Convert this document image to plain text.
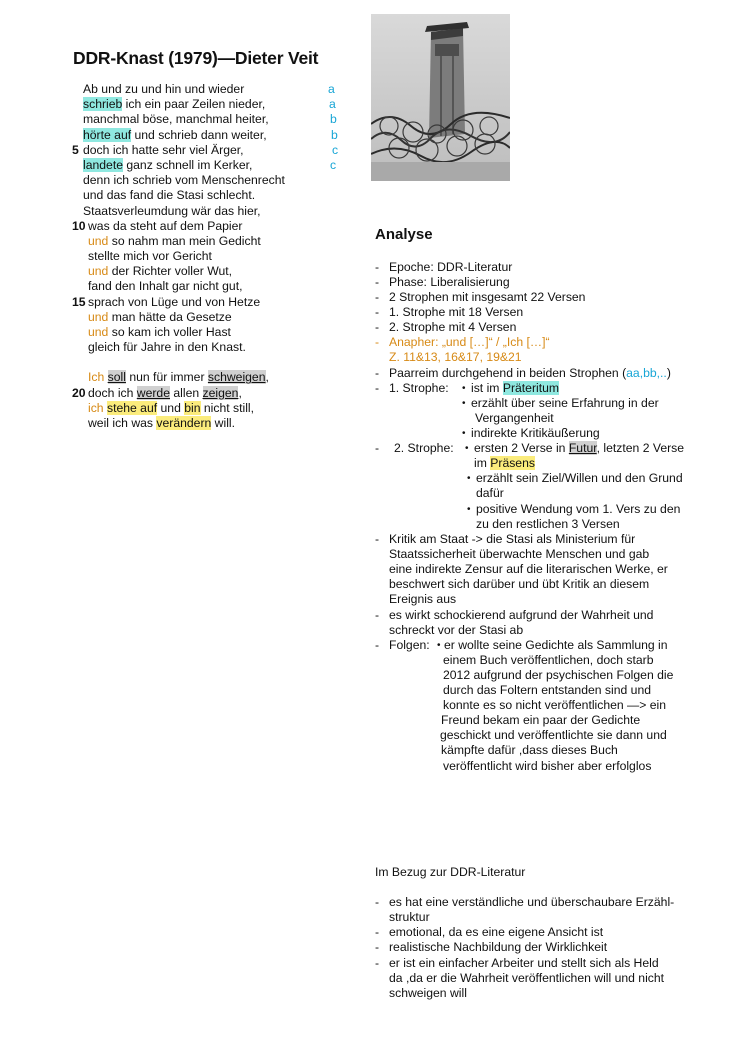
DDR-Knast (1979)—Dieter Veit
Ab und zu und hin und wieder	a
schrieb ich ein paar Zeilen nieder,	a
manchmal böse, manchmal heiter,	b
hörte auf und schrieb dann weiter,	b
5 doch ich hatte sehr viel Ärger,	c
landete ganz schnell im Kerker,	c
denn ich schrieb vom Menschenrecht
und das fand die Stasi schlecht.
Staatsverleumdung wär das hier,
10 was da steht auf dem Papier
und so nahm man mein Gedicht
stellte mich vor Gericht
und der Richter voller Wut,
fand den Inhalt gar nicht gut,
15 sprach von Lüge und von Hetze
und man hätte da Gesetze
und so kam ich voller Hast
gleich für Jahre in den Knast.
Ich soll nun für immer schweigen,
20 doch ich werde allen zeigen,
ich stehe auf und bin nicht still,
weil ich was verändern will.
Analyse
- Epoche: DDR-Literatur
- Phase: Liberalisierung
- 2 Strophen mit insgesamt 22 Versen
- 1. Strophe mit 18 Versen
- 2. Strophe mit 4 Versen
- Anapher: „und […]“ / „Ich […]“
Z. 11&13, 16&17, 19&21
- Paarreim durchgehend in beiden Strophen (aa,bb,..)
- 1. Strophe: • ist im Präteritum
• erzählt über seine Erfahrung in der
Vergangenheit
• indirekte Kritikäußerung
- 2. Strophe: • ersten 2 Verse in Futur, letzten 2 Verse
im Präsens
• erzählt sein Ziel/Willen und den Grund
dafür
• positive Wendung vom 1. Vers zu den
zu den restlichen 3 Versen
- Kritik am Staat -> die Stasi als Ministerium für
Staatssicherheit überwachte Menschen und gab
eine indirekte Zensur auf die literarischen Werke, er
beschwert sich darüber und übt Kritik an diesem
Ereignis aus
- es wirkt schockierend aufgrund der Wahrheit und
schreckt vor der Stasi ab
- Folgen: • er wollte seine Gedichte als Sammlung in
einem Buch veröffentlichen, doch starb
2012 aufgrund der psychischen Folgen die
durch das Foltern entstanden sind und
konnte es so nicht veröffentlichen —> ein
Freund bekam ein paar der Gedichte
geschickt und veröffentlichte sie dann und
kämpfte dafür ,dass dieses Buch
veröffentlicht wird bisher aber erfolglos
Im Bezug zur DDR-Literatur
- es hat eine verständliche und überschaubare Erzähl-
struktur
- emotional, da es eine eigene Ansicht ist
- realistische Nachbildung der Wirklichkeit
- er ist ein einfacher Arbeiter und stellt sich als Held
da ,da er die Wahrheit veröffentlichen will und nicht
schweigen will
